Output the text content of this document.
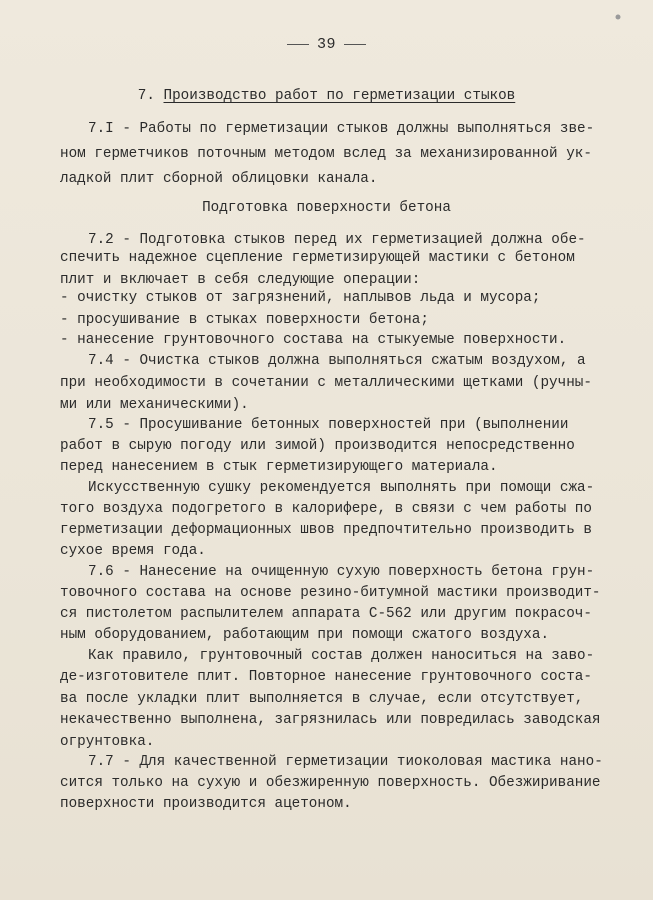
39
7. Производство работ по герметизации стыков
7.I - Работы по герметизации стыков должны выполняться зве-
ном герметчиков поточным методом вслед за механизированной ук-
ладкой плит сборной облицовки канала.
Подготовка поверхности бетона
7.2 - Подготовка стыков перед их герметизацией должна обе-
спечить надежное сцепление герметизирующей мастики с бетоном
плит и включает в себя следующие операции:
- очистку стыков от загрязнений, наплывов льда и мусора;
- просушивание в стыках поверхности бетона;
- нанесение грунтовочного состава на стыкуемые поверхности.
7.4 - Очистка стыков должна выполняться сжатым воздухом, а
при необходимости в сочетании с металлическими щетками (ручны-
ми или механическими).
7.5 - Просушивание бетонных поверхностей при (выполнении
работ в сырую погоду или зимой) производится непосредственно
перед нанесением в стык герметизирующего материала.
Искусственную сушку рекомендуется выполнять при помощи сжа-
того воздуха подогретого в калорифере, в связи с чем работы по
герметизации деформационных швов предпочтительно производить в
сухое время года.
7.6 - Нанесение на очищенную сухую поверхность бетона грун-
товочного состава на основе резино-битумной мастики производит-
ся пистолетом распылителем аппарата С-562 или другим покрасоч-
ным оборудованием, работающим при помощи сжатого воздуха.
Как правило, грунтовочный состав должен наноситься на заво-
де-изготовителе плит. Повторное нанесение грунтовочного соста-
ва после укладки плит выполняется в случае, если отсутствует,
некачественно выполнена, загрязнилась или повредилась заводская
огрунтовка.
7.7 - Для качественной герметизации тиоколовая мастика нано-
сится только на сухую и обезжиренную поверхность. Обезжиривание
поверхности производится ацетоном.
